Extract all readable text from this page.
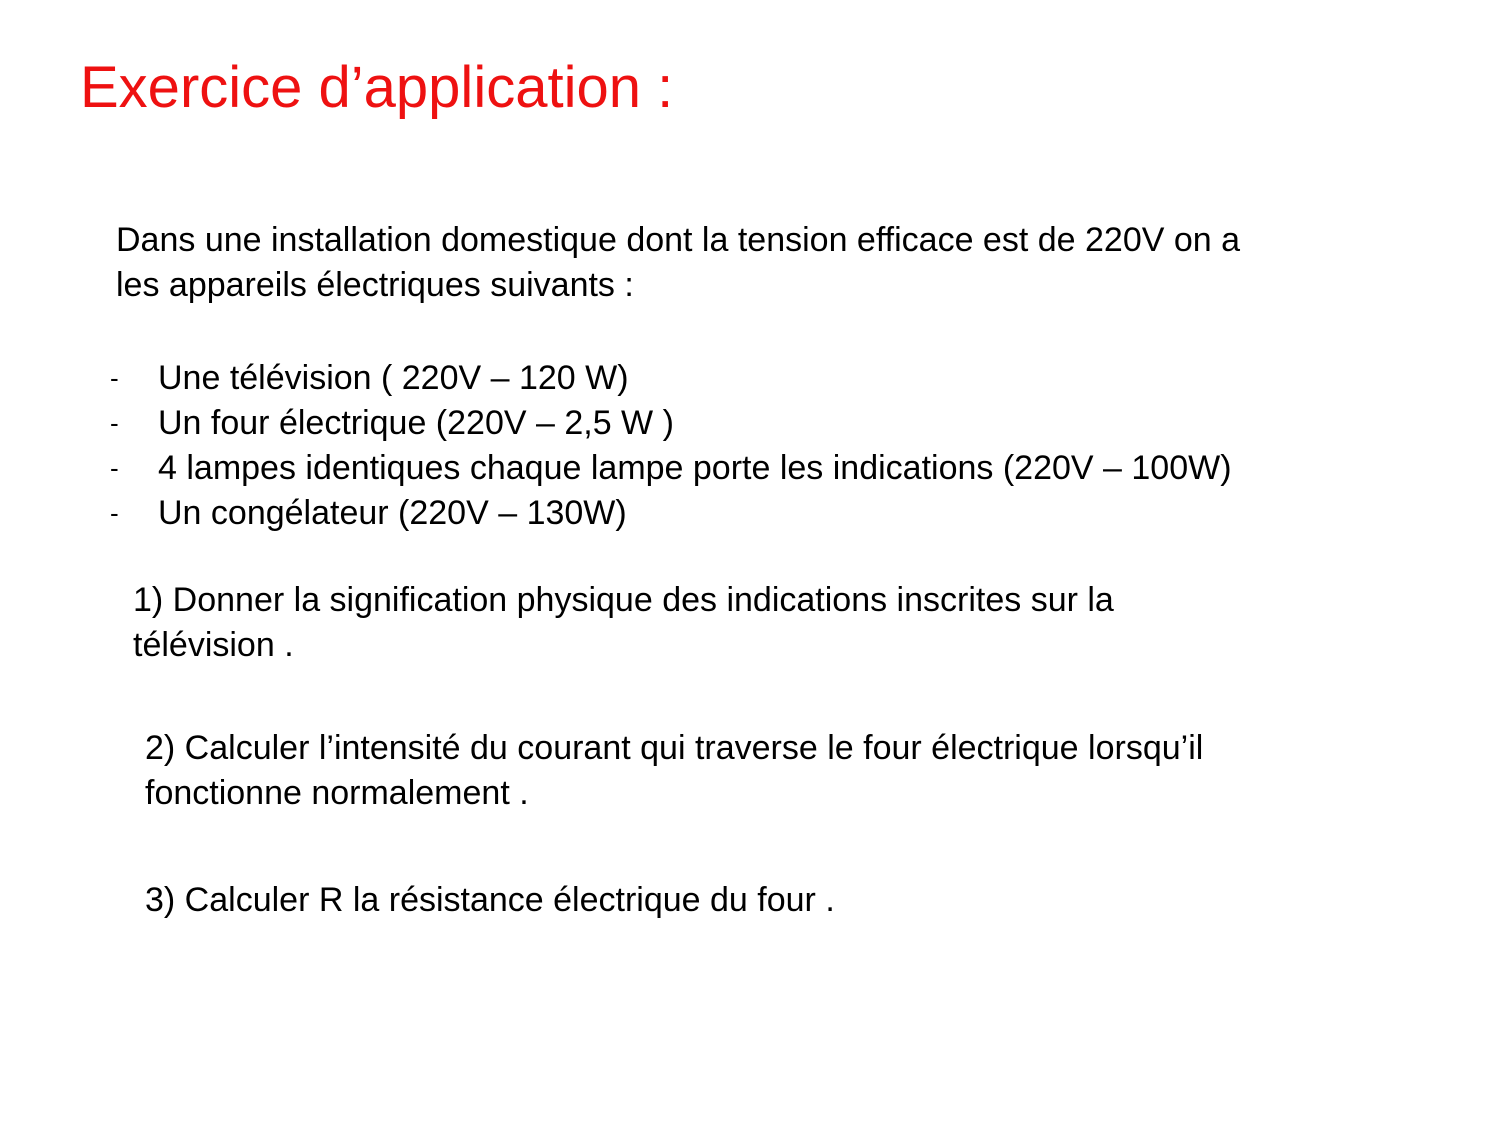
Exercice d’application :

Dans une installation domestique dont la tension efficace est de 220V on a
les appareils électriques suivants :

- Une télévision ( 220V – 120 W)
- Un four électrique (220V – 2,5 W )
- 4 lampes identiques chaque lampe porte les indications (220V – 100W)
- Un congélateur (220V – 130W)

1) Donner la signification physique des indications inscrites sur la
télévision .

2) Calculer l’intensité du courant qui traverse le four électrique lorsqu’il
fonctionne normalement .

3) Calculer R la résistance électrique du four .
